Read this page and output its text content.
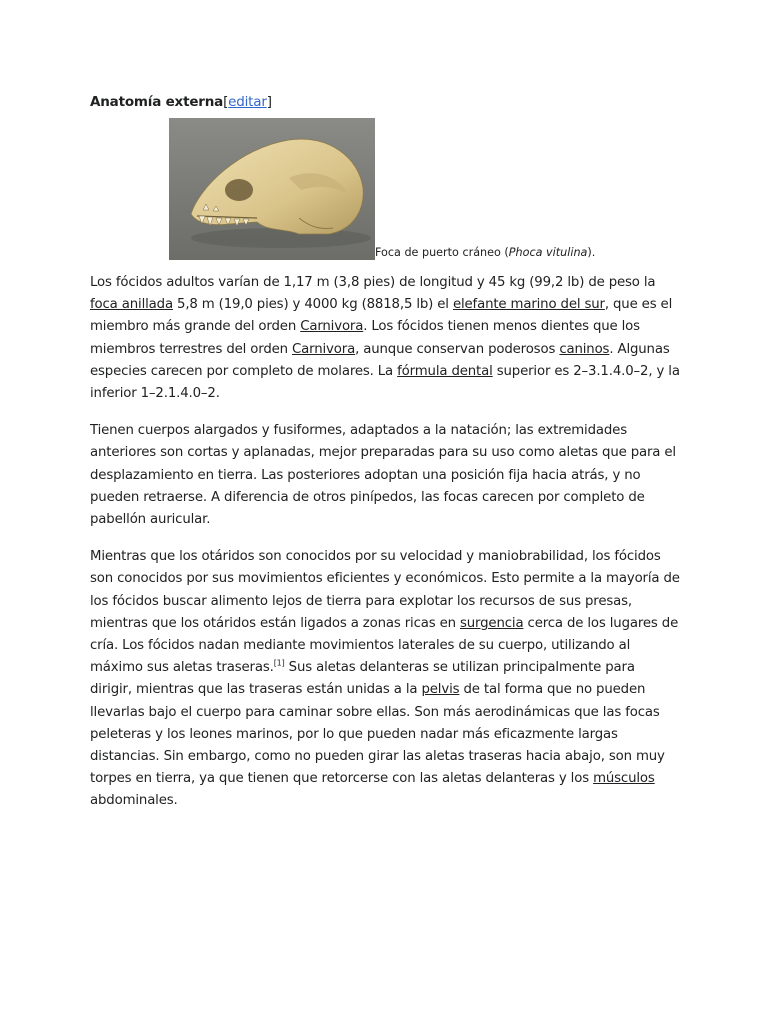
Anatomía externa[editar]
Foca de puerto cráneo (Phoca vitulina).

Los fócidos adultos varían de 1,17 m (3,8 pies) de longitud y 45 kg (99,2 lb) de peso la foca anillada 5,8 m (19,0 pies) y 4000 kg (8818,5 lb) el elefante marino del sur, que es el miembro más grande del orden Carnivora. Los fócidos tienen menos dientes que los miembros terrestres del orden Carnivora, aunque conservan poderosos caninos. Algunas especies carecen por completo de molares. La fórmula dental superior es 2–3.1.4.0–2, y la inferior 1–2.1.4.0–2.

Tienen cuerpos alargados y fusiformes, adaptados a la natación; las extremidades anteriores son cortas y aplanadas, mejor preparadas para su uso como aletas que para el desplazamiento en tierra. Las posteriores adoptan una posición fija hacia atrás, y no pueden retraerse. A diferencia de otros pinípedos, las focas carecen por completo de pabellón auricular.

Mientras que los otáridos son conocidos por su velocidad y maniobrabilidad, los fócidos son conocidos por sus movimientos eficientes y económicos. Esto permite a la mayoría de los fócidos buscar alimento lejos de tierra para explotar los recursos de sus presas, mientras que los otáridos están ligados a zonas ricas en surgencia cerca de los lugares de cría. Los fócidos nadan mediante movimientos laterales de su cuerpo, utilizando al máximo sus aletas traseras.[1] Sus aletas delanteras se utilizan principalmente para dirigir, mientras que las traseras están unidas a la pelvis de tal forma que no pueden llevarlas bajo el cuerpo para caminar sobre ellas. Son más aerodinámicas que las focas peleteras y los leones marinos, por lo que pueden nadar más eficazmente largas distancias. Sin embargo, como no pueden girar las aletas traseras hacia abajo, son muy torpes en tierra, ya que tienen que retorcerse con las aletas delanteras y los músculos abdominales.
